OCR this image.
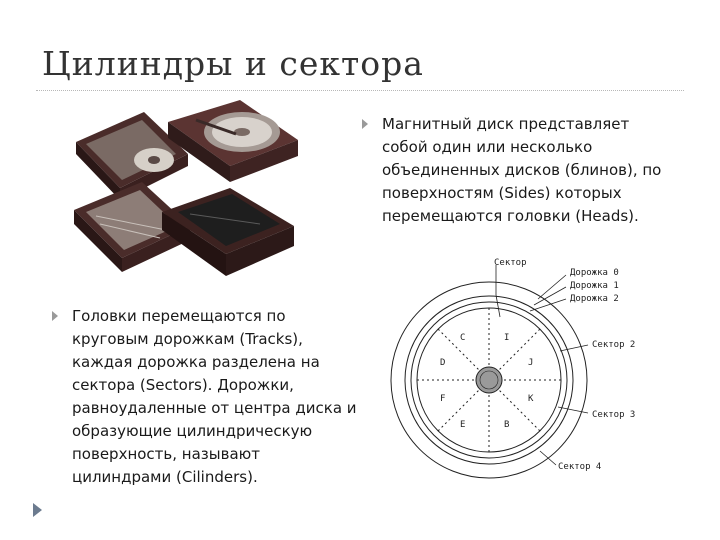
Цилиндры и сектора
Магнитный диск представляет собой один или несколько объединенных дисков (блинов), по поверхностям (Sides) которых перемещаются головки (Heads).
Головки перемещаются по круговым дорожкам (Tracks), каждая дорожка разделена на сектора (Sectors). Дорожки, равноудаленные от центра диска и образующие цилиндрическую поверхность, называют цилиндрами (Cilinders).
C	I
J
K
B
E
F
D
Сектор
Дорожка 0
Дорожка 1
Дорожка 2
Сектор 2
Сектор 3
Сектор 4
